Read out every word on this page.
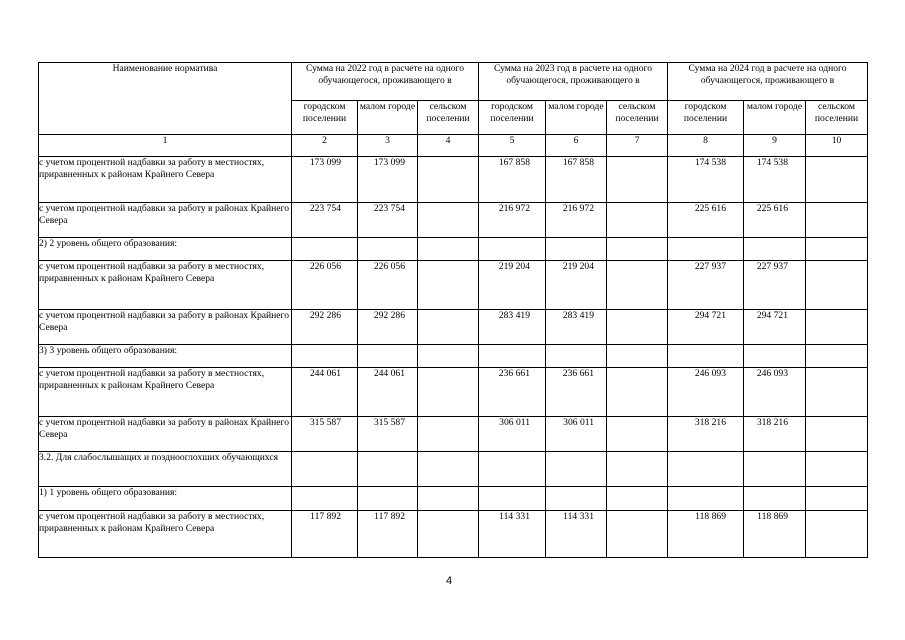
Наименование норматива	Сумма на 2022 год в расчете на одного обучающегося, проживающего в			Сумма на 2023 год в расчете на одного обучающегося, проживающего в			Сумма на 2024 год в расчете на одного обучающегося, проживающего в		
	городском поселении	малом городе	сельском поселении	городском поселении	малом городе	сельском поселении	городском поселении	малом городе	сельском поселении
1	2	3	4	5	6	7	8	9	10
с учетом процентной надбавки за работу в местностях, приравненных к районам Крайнего Севера	173 099	173 099		167 858	167 858		174 538	174 538	
с учетом процентной надбавки за работу в районах Крайнего Севера	223 754	223 754		216 972	216 972		225 616	225 616	
2) 2 уровень общего образования:									
с учетом процентной надбавки за работу в местностях, приравненных к районам Крайнего Севера	226 056	226 056		219 204	219 204		227 937	227 937	
с учетом процентной надбавки за работу в районах Крайнего Севера	292 286	292 286		283 419	283 419		294 721	294 721	
3) 3 уровень общего образования:									
с учетом процентной надбавки за работу в местностях, приравненных к районам Крайнего Севера	244 061	244 061		236 661	236 661		246 093	246 093	
с учетом процентной надбавки за работу в районах Крайнего Севера	315 587	315 587		306 011	306 011		318 216	318 216	
3.2. Для слабослышащих и позднооглохших обучающихся									
1) 1 уровень общего образования:									
с учетом процентной надбавки за работу в местностях, приравненных к районам Крайнего Севера	117 892	117 892		114 331	114 331		118 869	118 869	
4
